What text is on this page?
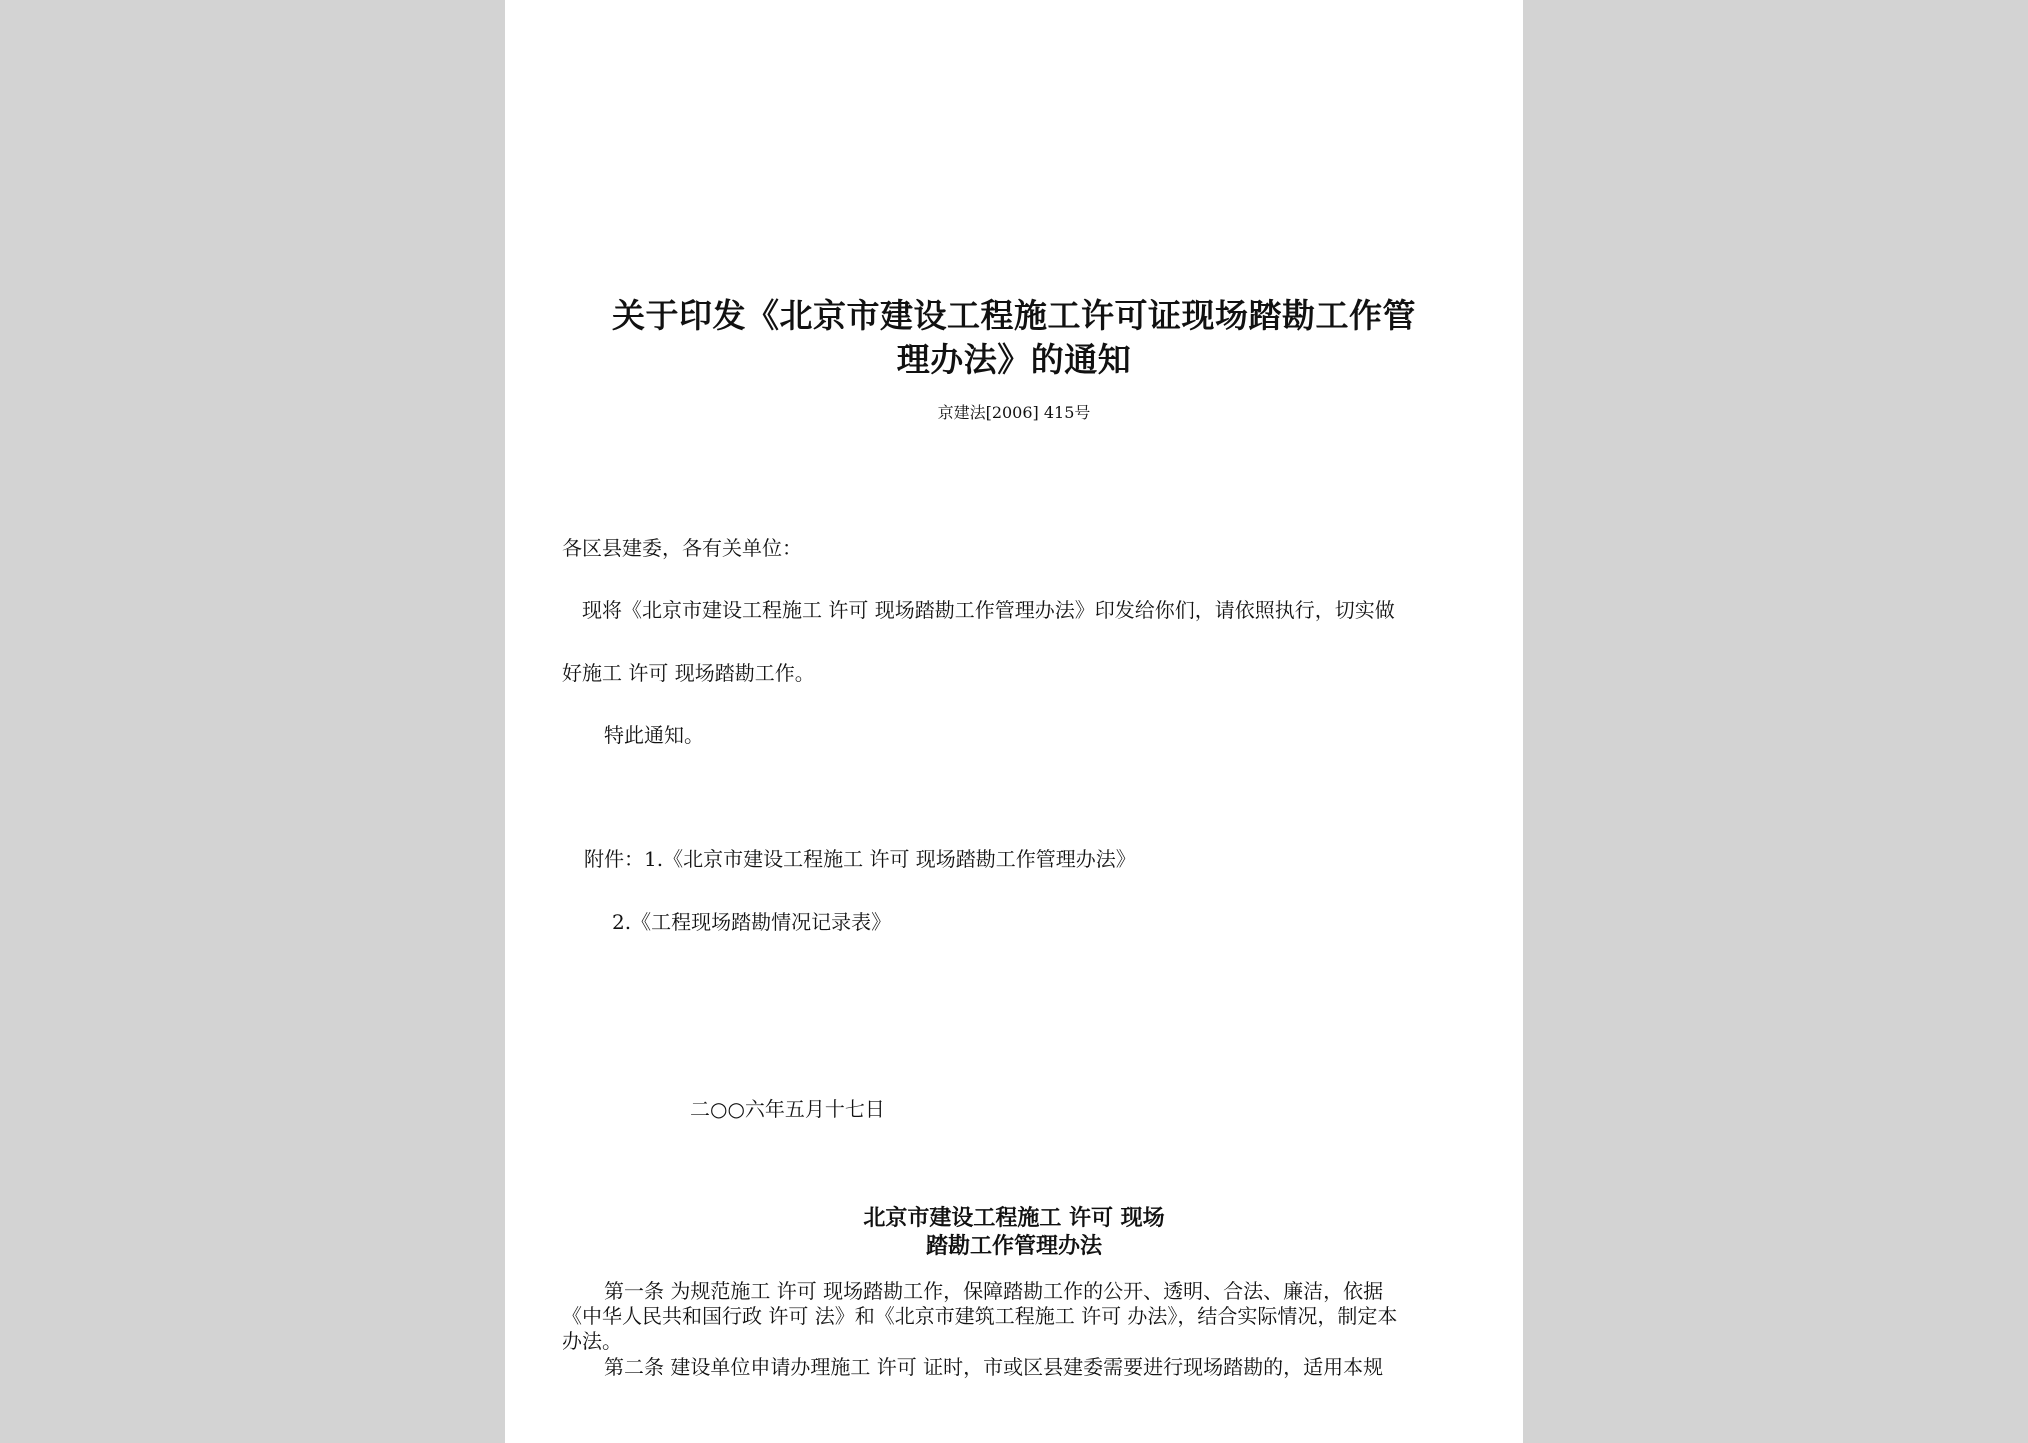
关于印发《北京市建设工程施工许可证现场踏勘工作管
理办法》的通知
京建法[2006] 415号
各区县建委，各有关单位：
现将《北京市建设工程施工 许可 现场踏勘工作管理办法》印发给你们，请依照执行，切实做
好施工 许可 现场踏勘工作。
特此通知。
附件：1.《北京市建设工程施工 许可 现场踏勘工作管理办法》
2.《工程现场踏勘情况记录表》
二○○六年五月十七日
北京市建设工程施工 许可 现场
踏勘工作管理办法
第一条 为规范施工 许可 现场踏勘工作，保障踏勘工作的公开、透明、合法、廉洁，依据
《中华人民共和国行政 许可 法》和《北京市建筑工程施工 许可 办法》，结合实际情况，制定本
办法。
第二条 建设单位申请办理施工 许可 证时，市或区县建委需要进行现场踏勘的，适用本规
